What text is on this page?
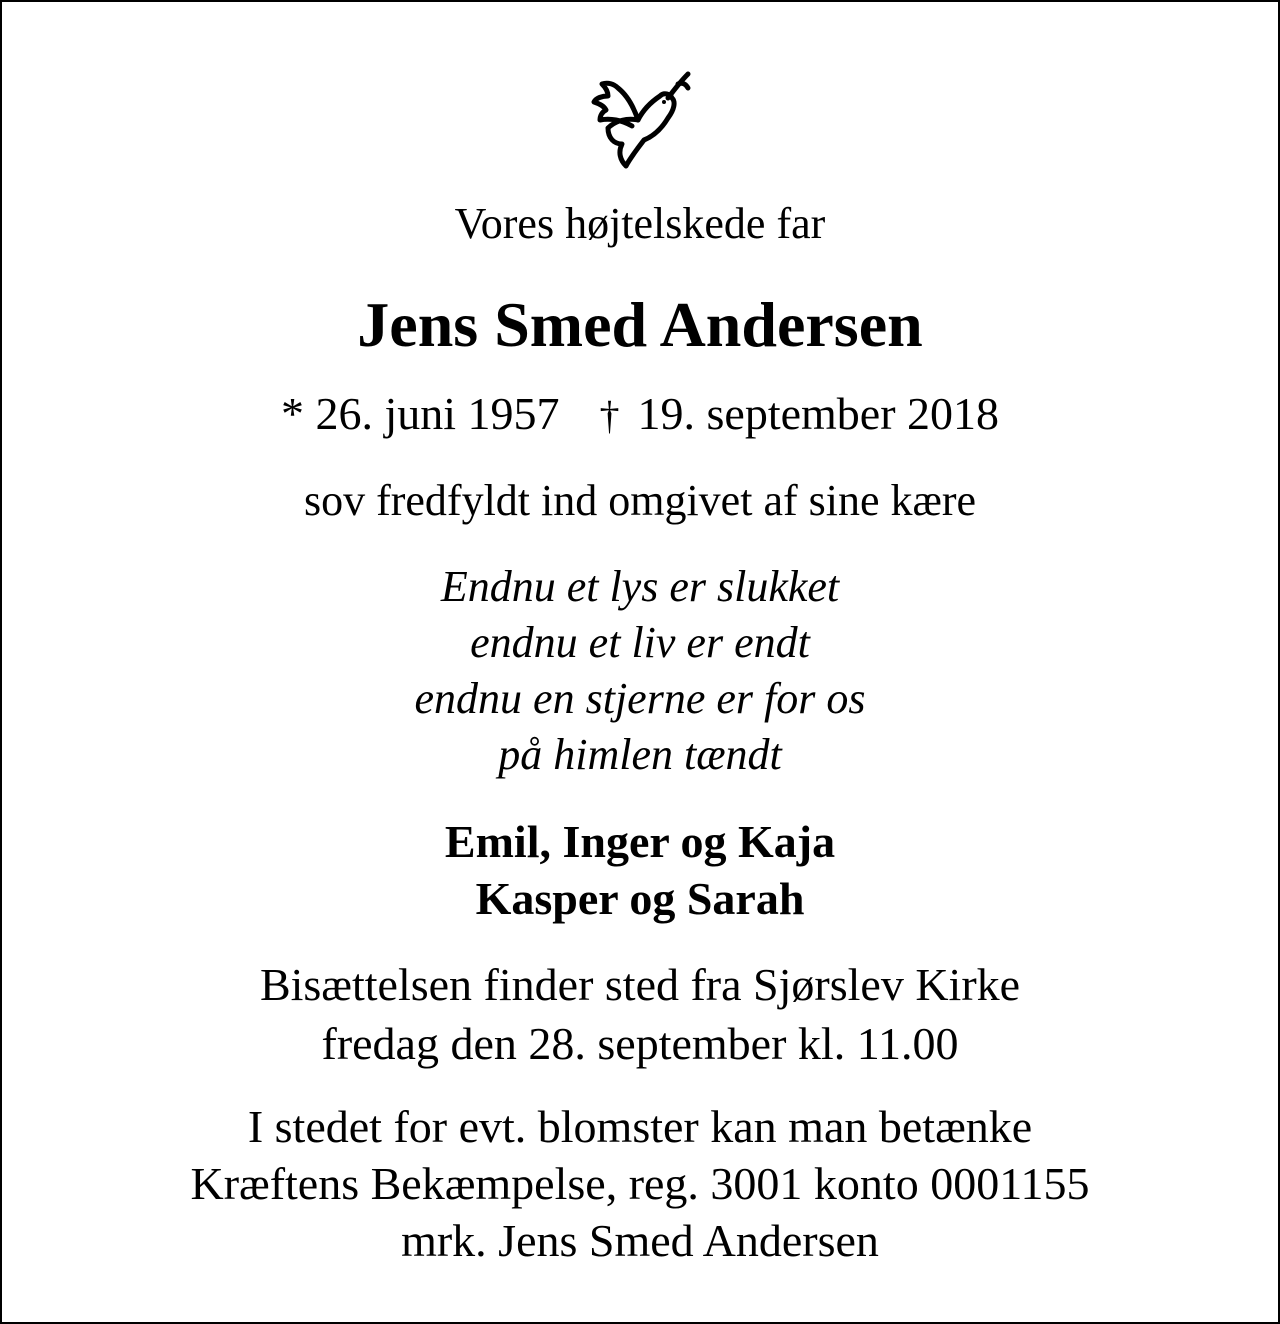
Vores højtelskede far
Jens Smed Andersen
* 26. juni 1957 † 19. september 2018
sov fredfyldt ind omgivet af sine kære
Endnu et lys er slukket
endnu et liv er endt
endnu en stjerne er for os
på himlen tændt
Emil, Inger og Kaja
Kasper og Sarah
Bisættelsen finder sted fra Sjørslev Kirke
fredag den 28. september kl. 11.00
I stedet for evt. blomster kan man betænke
Kræftens Bekæmpelse, reg. 3001 konto 0001155
mrk. Jens Smed Andersen
